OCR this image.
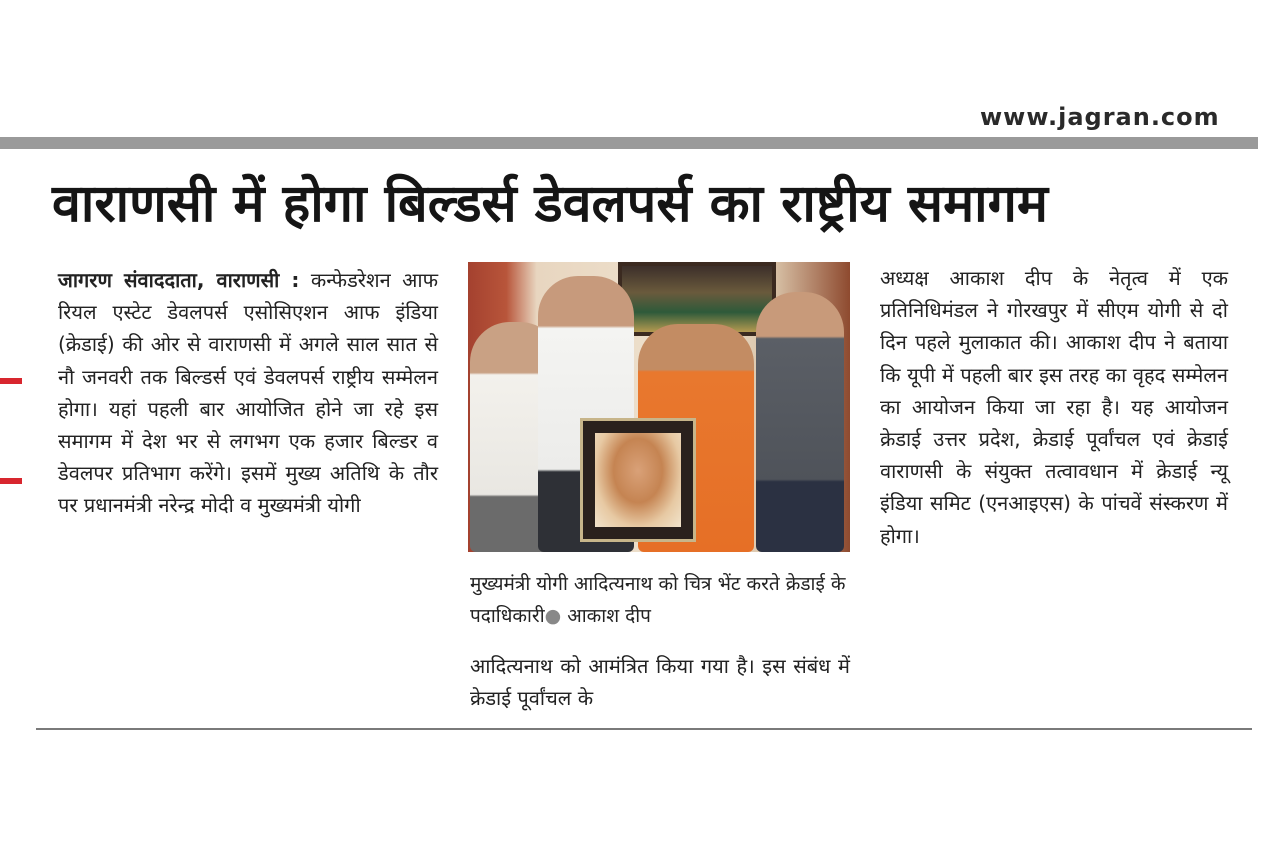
www.jagran.com
वाराणसी में होगा बिल्डर्स डेवलपर्स का राष्ट्रीय समागम
जागरण संवाददाता, वाराणसी : कन्फेडरेशन आफ रियल एस्टेट डेवलपर्स एसोसिएशन आफ इंडिया (क्रेडाई) की ओर से वाराणसी में अगले साल सात से नौ जनवरी तक बिल्डर्स एवं डेवलपर्स राष्ट्रीय सम्मेलन होगा। यहां पहली बार आयोजित होने जा रहे इस समागम में देश भर से लगभग एक हजार बिल्डर व डेवलपर प्रतिभाग करेंगे। इसमें मुख्य अतिथि के तौर पर प्रधानमंत्री नरेन्द्र मोदी व मुख्यमंत्री योगी
मुख्यमंत्री योगी आदित्यनाथ को चित्र भेंट करते क्रेडाई के पदाधिकारी● आकाश दीप
आदित्यनाथ को आमंत्रित किया गया है। इस संबंध में क्रेडाई पूर्वांचल के
अध्यक्ष आकाश दीप के नेतृत्व में एक प्रतिनिधिमंडल ने गोरखपुर में सीएम योगी से दो दिन पहले मुलाकात की। आकाश दीप ने बताया कि यूपी में पहली बार इस तरह का वृहद सम्मेलन का आयोजन किया जा रहा है। यह आयोजन क्रेडाई उत्तर प्रदेश, क्रेडाई पूर्वांचल एवं क्रेडाई वाराणसी के संयुक्त तत्वावधान में क्रेडाई न्यू इंडिया समिट (एनआइएस) के पांचवें संस्करण में होगा।
